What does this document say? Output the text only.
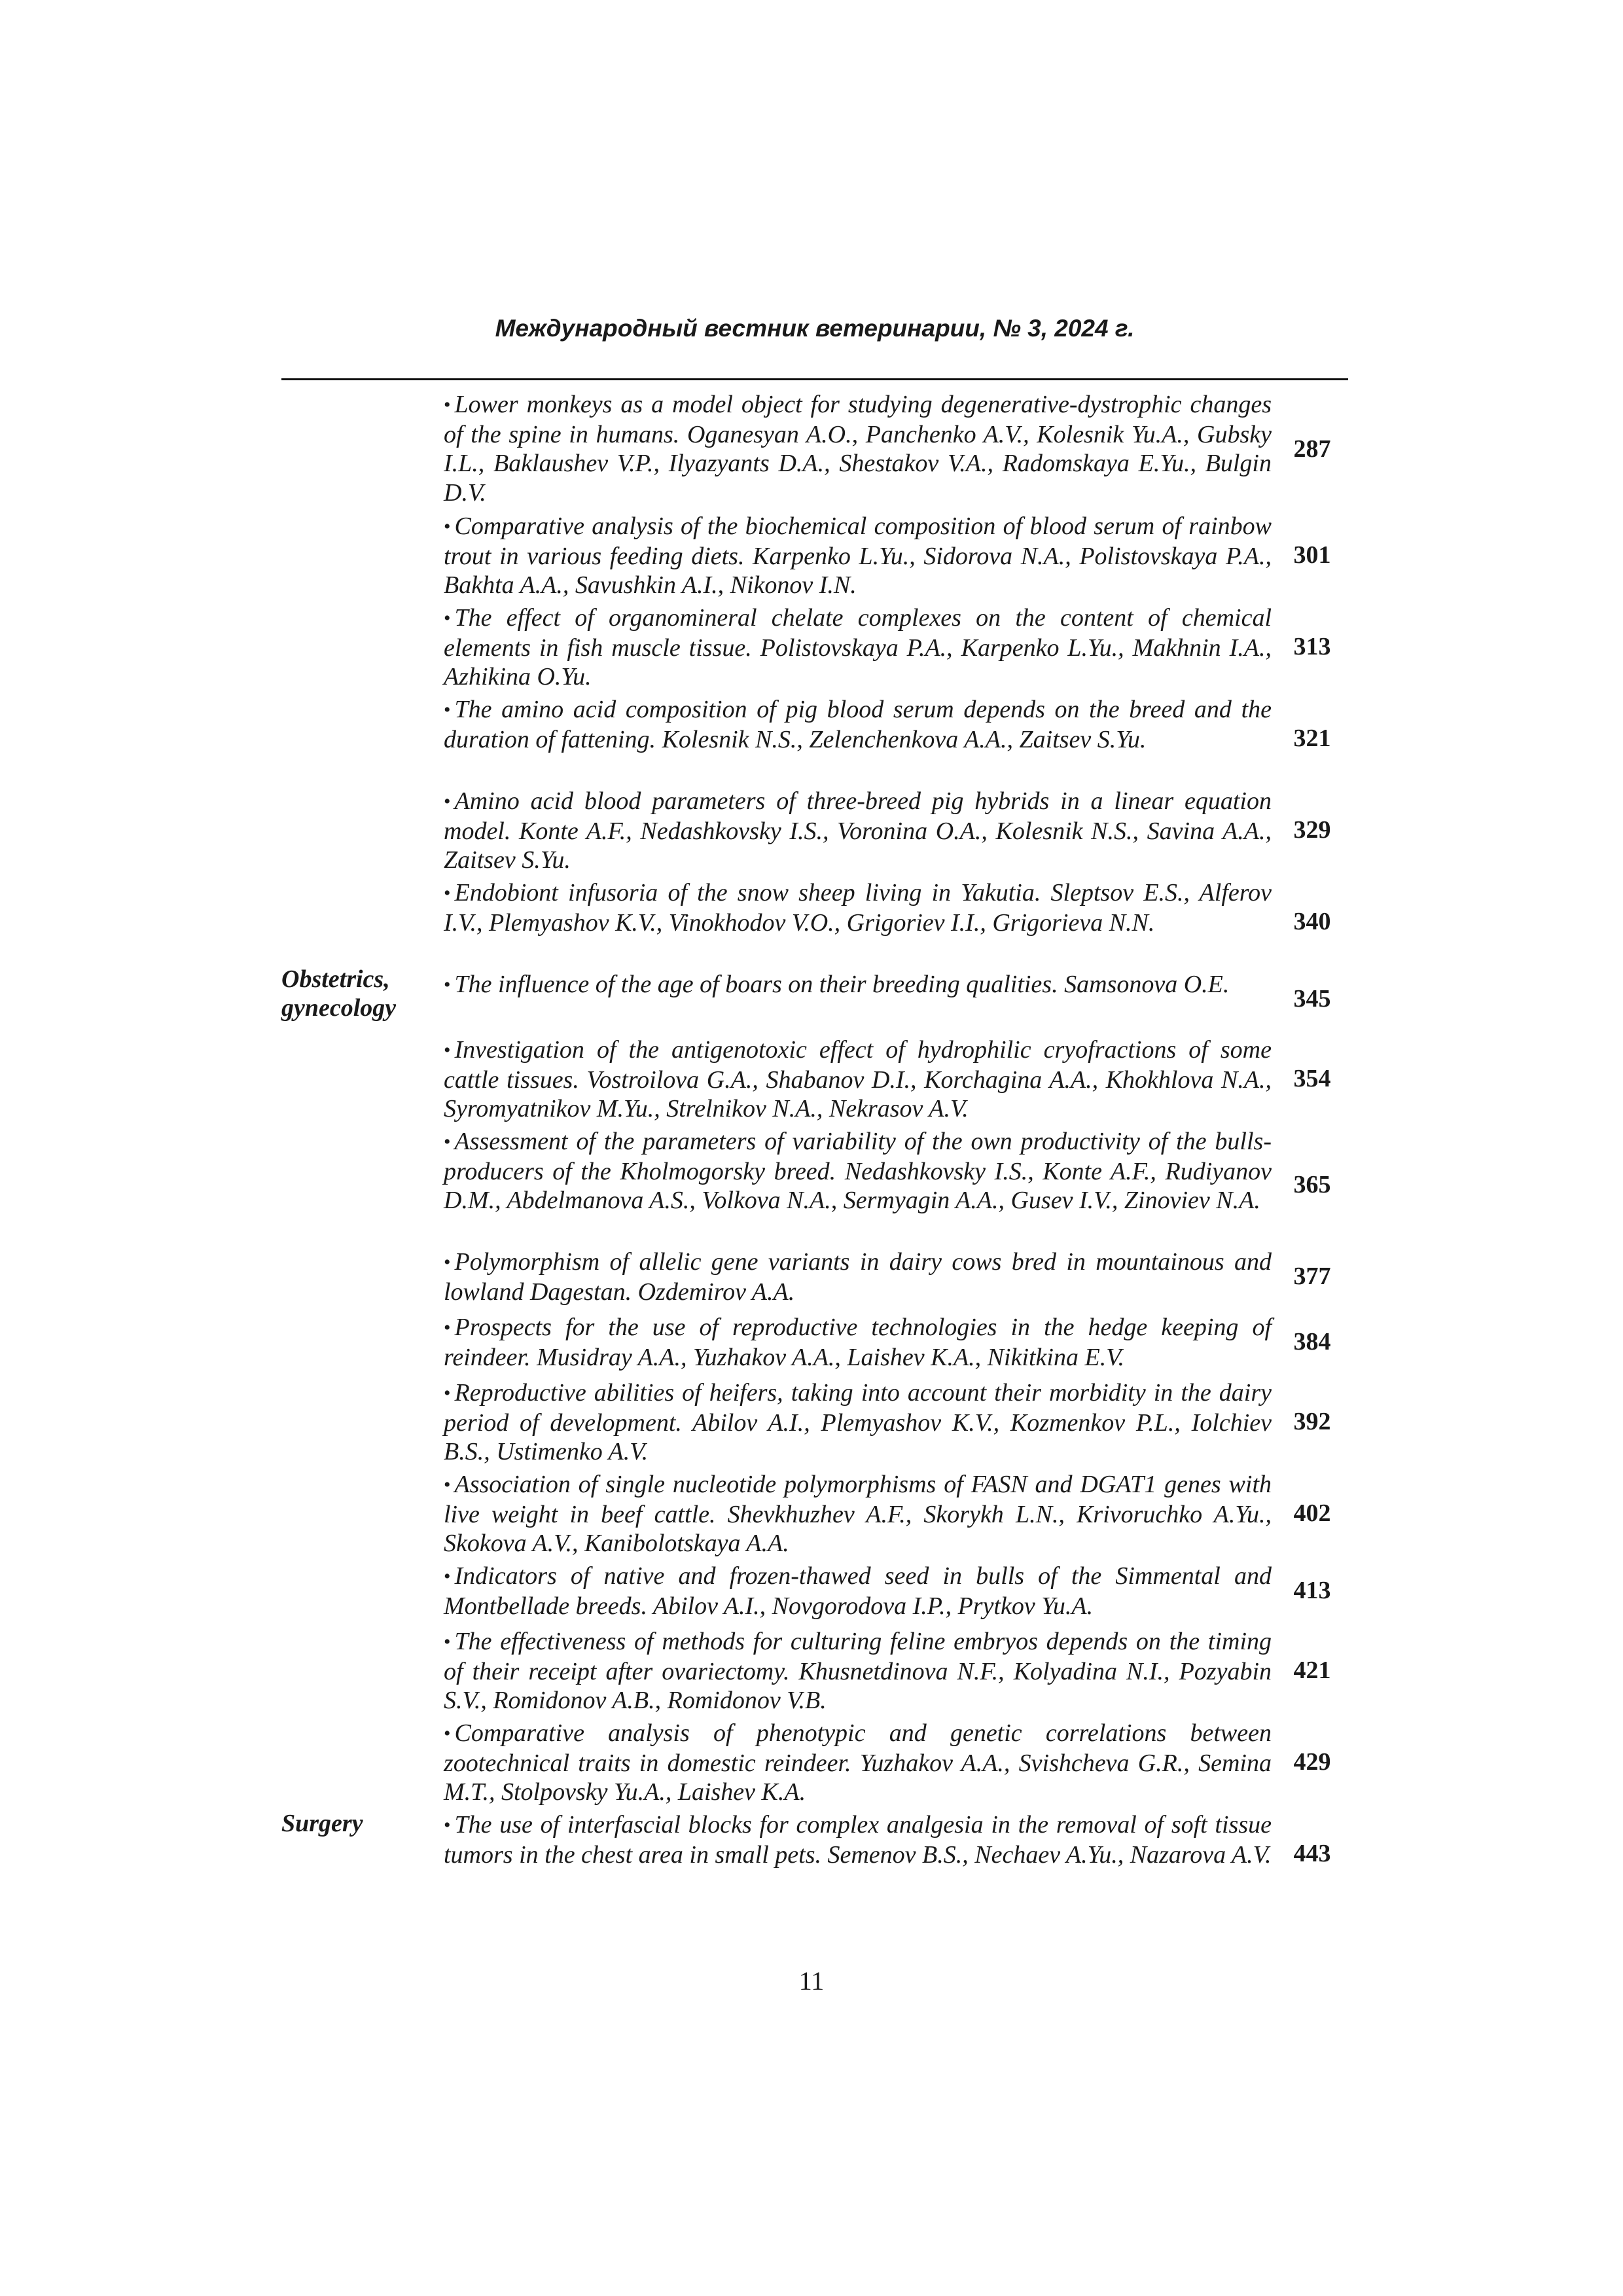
Международный вестник ветеринарии, № 3, 2024 г.
Obstetrics,
gynecology
Surgery
• Lower monkeys as a model object for studying degenerative-dystrophic changes of the spine in humans. Oganesyan A.O., Panchenko A.V., Kolesnik Yu.A., Gubsky I.L., Baklaushev V.P., Ilyazyants D.A., Shestakov V.A., Radomskaya E.Yu., Bulgin D.V.
287
• Comparative analysis of the biochemical composition of blood serum of rainbow trout in various feeding diets. Karpenko L.Yu., Sidorova N.A., Polistovskaya P.A., Bakhta A.A., Savushkin A.I., Nikonov I.N.
301
• The effect of organomineral chelate complexes on the content of chemical elements in fish muscle tissue. Polistovskaya P.A., Karpenko L.Yu., Makhnin I.A., Azhikina O.Yu.
313
• The amino acid composition of pig blood serum depends on the breed and the duration of fattening. Kolesnik N.S., Zelenchenkova A.A., Zaitsev S.Yu.	321
• Amino acid blood parameters of three-breed pig hybrids in a linear equation model. Konte A.F., Nedashkovsky I.S., Voronina O.A., Kolesnik N.S., Savina A.A., Zaitsev S.Yu.
329
• Endobiont infusoria of the snow sheep living in Yakutia. Sleptsov E.S., Alferov I.V., Plemyashov K.V., Vinokhodov V.O., Grigoriev I.I., Grigorieva N.N.	340
• The influence of the age of boars on their breeding qualities. Samsonova O.E.
345
• Investigation of the antigenotoxic effect of hydrophilic cryofractions of some cattle tissues. Vostroilova G.A., Shabanov D.I., Korchagina A.A., Khokhlova N.A., Syromyatnikov M.Yu., Strelnikov N.A., Nekrasov A.V.
354
• Assessment of the parameters of variability of the own productivity of the bulls-producers of the Kholmogorsky breed. Nedashkovsky I.S., Konte A.F., Rudiyanov D.M., Abdelmanova A.S., Volkova N.A., Sermyagin A.A., Gusev I.V., Zinoviev N.A.
365
• Polymorphism of allelic gene variants in dairy cows bred in mountainous and lowland Dagestan. Ozdemirov A.A.
377
• Prospects for the use of reproductive technologies in the hedge keeping of reindeer. Musidray A.A., Yuzhakov A.A., Laishev K.A., Nikitkina E.V.
384
• Reproductive abilities of heifers, taking into account their morbidity in the dairy period of development. Abilov A.I., Plemyashov K.V., Kozmenkov P.L., Iolchiev B.S., Ustimenko A.V.
392
• Association of single nucleotide polymorphisms of FASN and DGAT1 genes with live weight in beef cattle. Shevkhuzhev A.F., Skorykh L.N., Krivoruchko A.Yu., Skokova A.V., Kanibolotskaya A.A.
402
• Indicators of native and frozen-thawed seed in bulls of the Simmental and Montbellade breeds. Abilov A.I., Novgorodova I.P., Prytkov Yu.A.
413
• The effectiveness of methods for culturing feline embryos depends on the timing of their receipt after ovariectomy. Khusnetdinova N.F., Kolyadina N.I., Pozyabin S.V., Romidonov A.B., Romidonov V.B.
421
• Comparative analysis of phenotypic and genetic correlations between zootechnical traits in domestic reindeer. Yuzhakov A.A., Svishcheva G.R., Semina M.T., Stolpovsky Yu.A., Laishev K.A.
429
• The use of interfascial blocks for complex analgesia in the removal of soft tissue tumors in the chest area in small pets. Semenov B.S., Nechaev A.Yu., Nazarova A.V. 443
11
